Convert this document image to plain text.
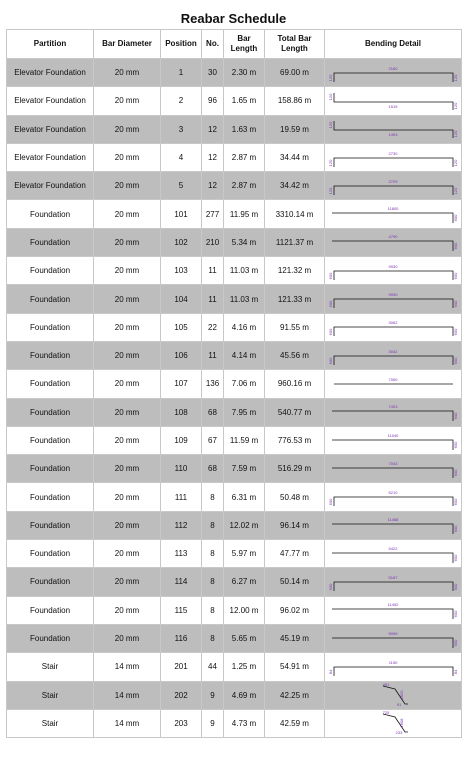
Reabar Schedule
Partition	Bar Diameter	Position	No.	Bar Length	Total Bar Length	Bending Detail
Elevator Foundation	20 mm	1	30	2.30 m	69.00 m	2160
120 120

Elevator Foundation	20 mm	2	96	1.65 m	158.86 m	1515
120
120

Elevator Foundation	20 mm	3	12	1.63 m	19.59 m	1493
120
120

Elevator Foundation	20 mm	4	12	2.87 m	34.44 m	2730
120 120

Elevator Foundation	20 mm	5	12	2.87 m	34.42 m	2729
120 120

Foundation	20 mm	101	277	11.95 m	3310.14 m	11800
600

Foundation	20 mm	102	210	5.34 m	1121.37 m	4790
600

Foundation	20 mm	103	11	11.03 m	121.32 m	9930
600 600

Foundation	20 mm	104	11	11.03 m	121.33 m	9930
600 600

Foundation	20 mm	105	22	4.16 m	91.55 m	3062
600 600

Foundation	20 mm	106	11	4.14 m	45.56 m	3042
600 600

Foundation	20 mm	107	136	7.06 m	960.16 m	7060

Foundation	20 mm	108	68	7.95 m	540.77 m	7403
600

Foundation	20 mm	109	67	11.59 m	776.53 m	11040
600

Foundation	20 mm	110	68	7.59 m	516.29 m	7043
600

Foundation	20 mm	111	8	6.31 m	50.48 m	5210
600 600

Foundation	20 mm	112	8	12.02 m	96.14 m	11468
600

Foundation	20 mm	113	8	5.97 m	47.77 m	5422
600

Foundation	20 mm	114	8	6.27 m	50.14 m	5167
600 600

Foundation	20 mm	115	8	12.00 m	96.02 m	11452
600

Foundation	20 mm	116	8	5.65 m	45.19 m	5099
600

Stair	14 mm	201	44	1.25 m	54.91 m	1150
84 84

Stair	14 mm	202	9	4.69 m	42.25 m	491
1820
91

Stair	14 mm	203	9	4.73 m	42.59 m	725
1608
233
